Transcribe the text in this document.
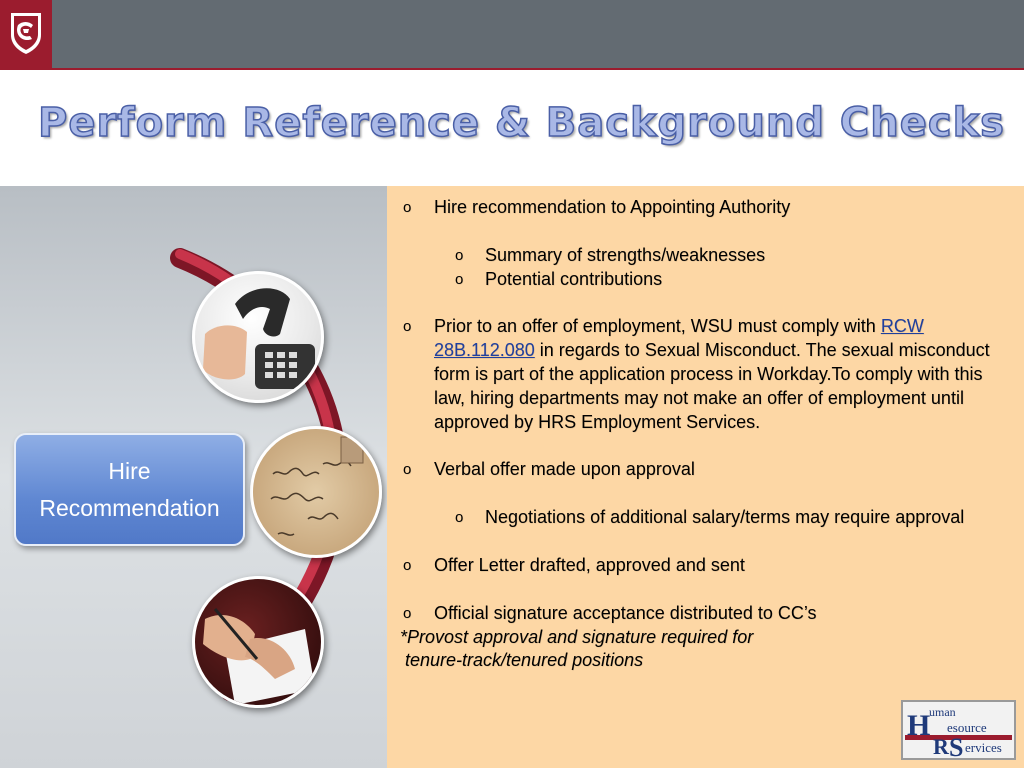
Perform Reference & Background Checks
Hire
Recommendation
o Hire recommendation to Appointing Authority
o Summary of strengths/weaknesses
o Potential contributions
o Prior to an offer of employment, WSU must comply with RCW 28B.112.080 in regards to Sexual Misconduct. The sexual misconduct form is part of the application process in Workday.To comply with this law, hiring departments may not make an offer of employment until approved by HRS Employment Services.
o Verbal offer made upon approval
o Negotiations of additional salary/terms may require approval
o Offer Letter drafted, approved and sent
o Official signature acceptance distributed to CC’s
*Provost approval and signature required for
tenure-track/tenured positions
H
uman
R
esource
S ervices
